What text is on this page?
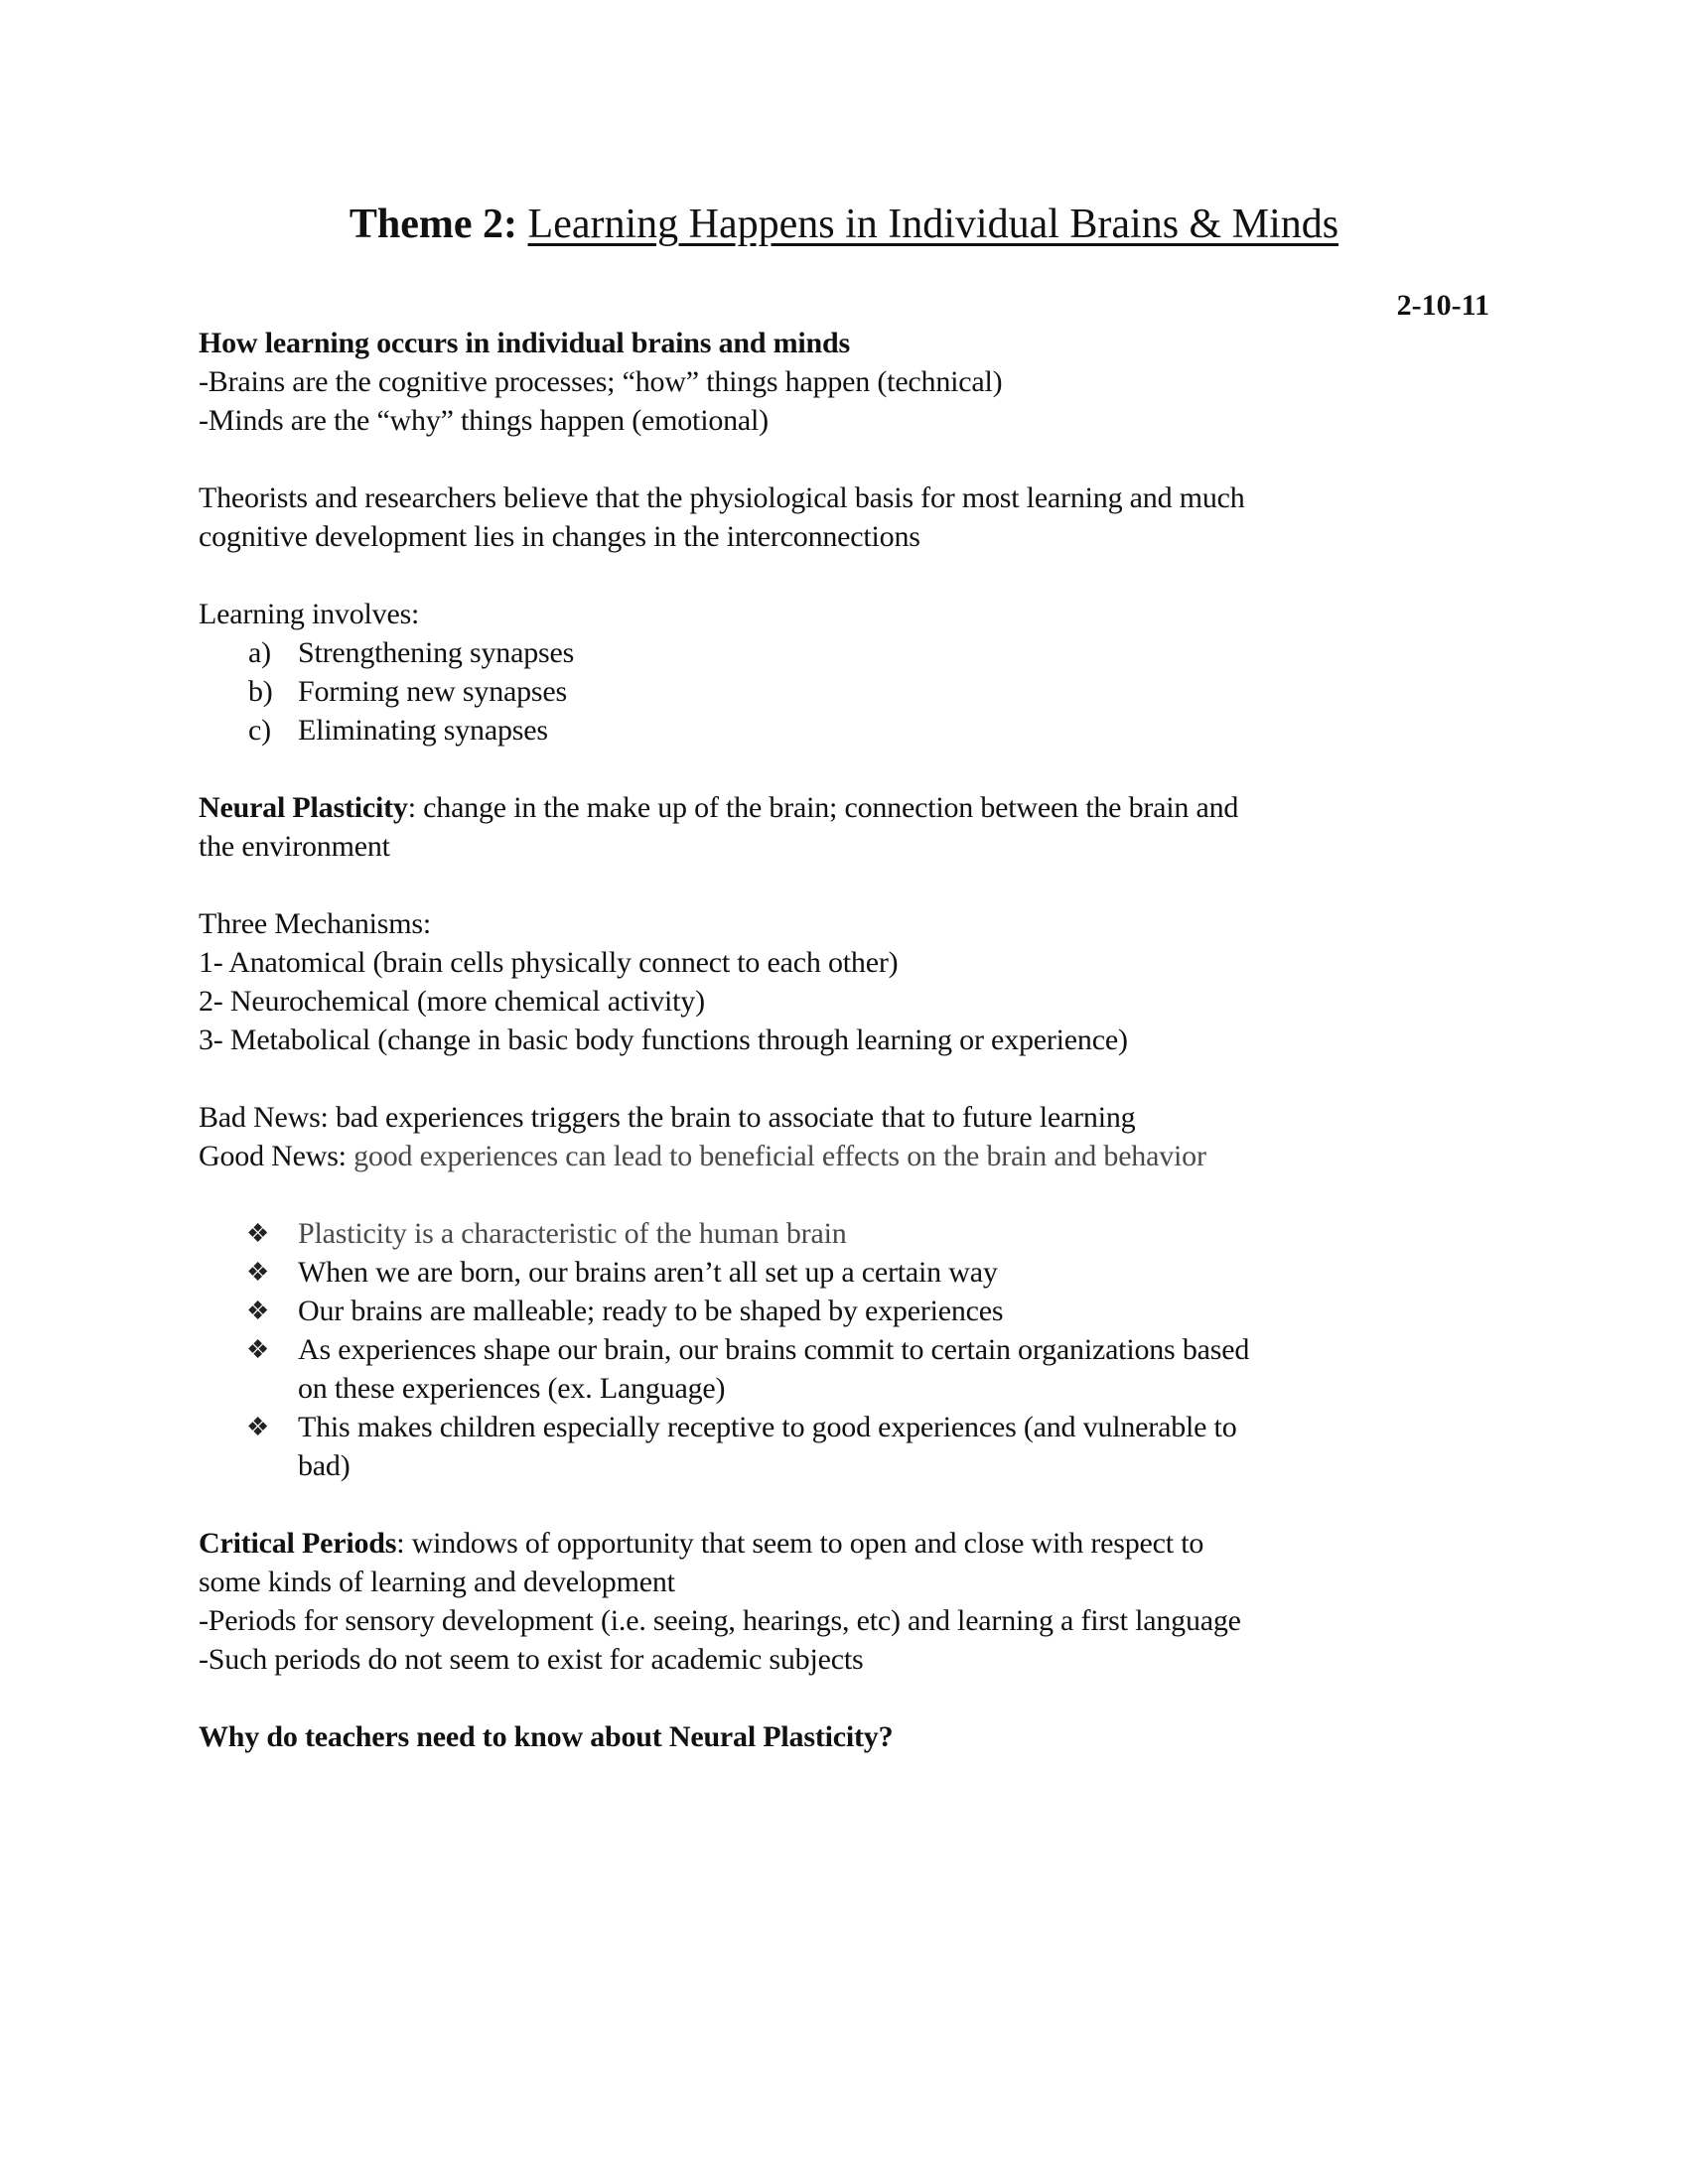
Theme 2: Learning Happens in Individual Brains & Minds
2-10-11
How learning occurs in individual brains and minds
-Brains are the cognitive processes; “how” things happen (technical)
-Minds are the “why” things happen (emotional)
Theorists and researchers believe that the physiological basis for most learning and much
cognitive development lies in changes in the interconnections
Learning involves:
a) Strengthening synapses
b) Forming new synapses
c) Eliminating synapses
Neural Plasticity: change in the make up of the brain; connection between the brain and
the environment
Three Mechanisms:
1- Anatomical (brain cells physically connect to each other)
2- Neurochemical (more chemical activity)
3- Metabolical (change in basic body functions through learning or experience)
Bad News: bad experiences triggers the brain to associate that to future learning
Good News: good experiences can lead to beneficial effects on the brain and behavior
❖ Plasticity is a characteristic of the human brain
❖ When we are born, our brains aren’t all set up a certain way
❖ Our brains are malleable; ready to be shaped by experiences
❖ As experiences shape our brain, our brains commit to certain organizations based
on these experiences (ex. Language)
❖ This makes children especially receptive to good experiences (and vulnerable to
bad)
Critical Periods: windows of opportunity that seem to open and close with respect to
some kinds of learning and development
-Periods for sensory development (i.e. seeing, hearings, etc) and learning a first language
-Such periods do not seem to exist for academic subjects
Why do teachers need to know about Neural Plasticity?
